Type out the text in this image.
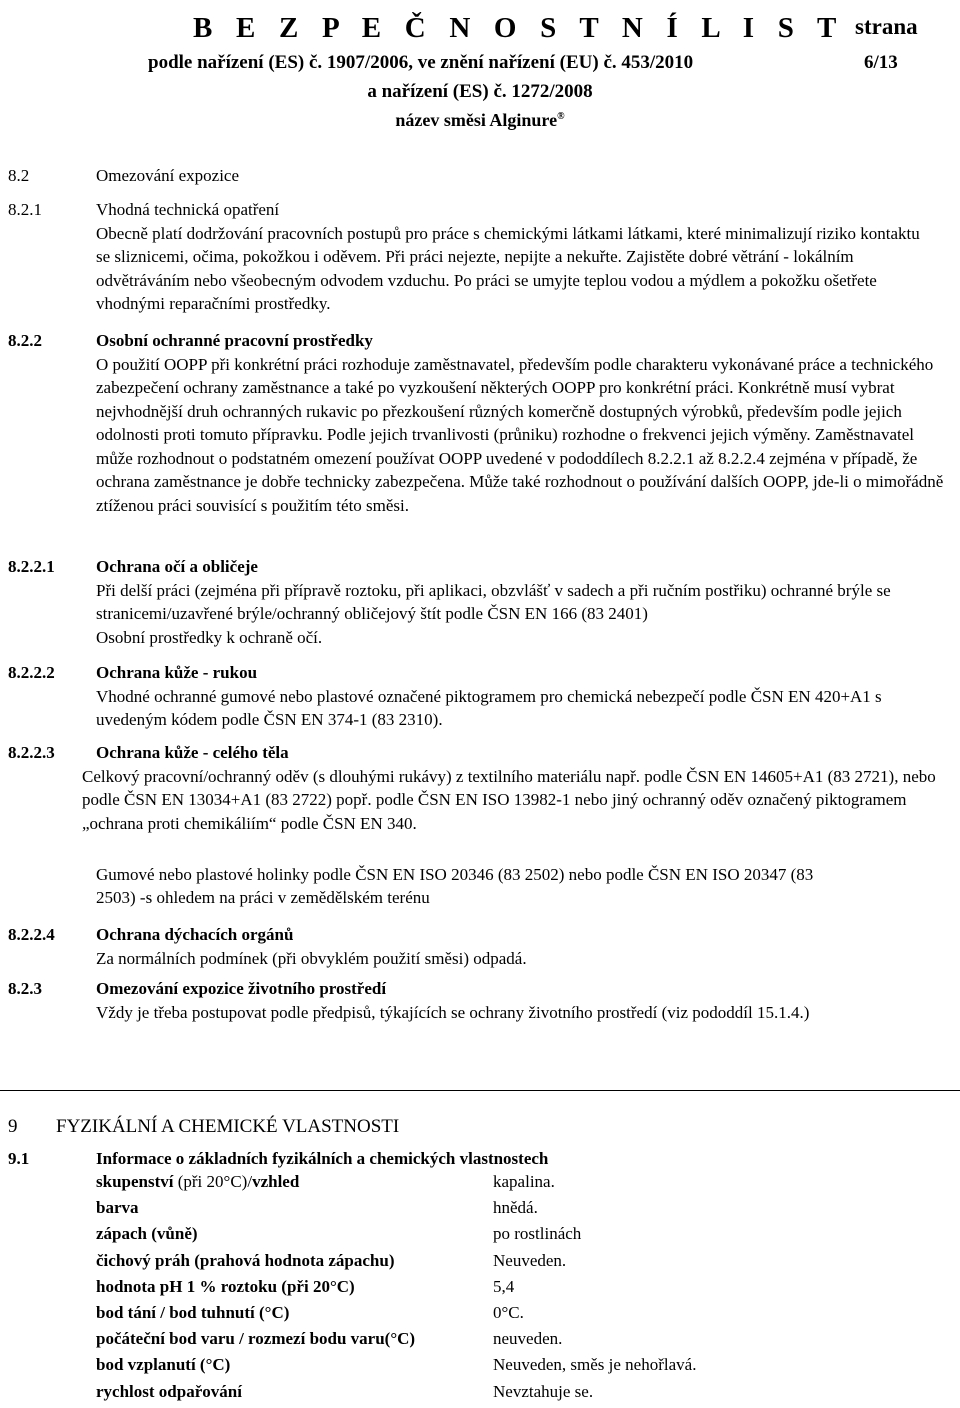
B E Z P E Č N O S T N Í L I S T strana
podle nařízení (ES) č. 1907/2006, ve znění nařízení (EU) č. 453/2010	6/13
a nařízení (ES) č. 1272/2008
název směsi Alginure®
8.2	Omezování expozice
8.2.1	Vhodná technická opatření
Obecně platí dodržování pracovních postupů pro práce s chemickými látkami látkami, které minimalizují riziko kontaktu se sliznicemi, očima, pokožkou i oděvem. Při práci nejezte, nepijte a nekuřte. Zajistěte dobré větrání - lokálním odvětráváním nebo všeobecným odvodem vzduchu. Po práci se umyjte teplou vodou a mýdlem a pokožku ošetřete vhodnými reparačními prostředky.
8.2.2	Osobní ochranné pracovní prostředky
O použití OOPP při konkrétní práci rozhoduje zaměstnavatel, především podle charakteru vykonávané práce a technického zabezpečení ochrany zaměstnance a také po vyzkoušení některých OOPP pro konkrétní práci. Konkrétně musí vybrat nejvhodnější druh ochranných rukavic po přezkoušení různých komerčně dostupných výrobků, především podle jejich odolnosti proti tomuto přípravku. Podle jejich trvanlivosti (průniku) rozhodne o frekvenci jejich výměny. Zaměstnavatel může rozhodnout o podstatném omezení používat OOPP uvedené v pododdílech 8.2.2.1 až 8.2.2.4 zejména v případě, že ochrana zaměstnance je dobře technicky zabezpečena. Může také rozhodnout o používání dalších OOPP, jde-li o mimořádně ztíženou práci souvisící s použitím této směsi.
8.2.2.1 Ochrana očí a obličeje

Při delší práci (zejména při přípravě roztoku, při aplikaci, obzvlášť v sadech a při ručním postřiku) ochranné brýle se stranicemi/uzavřené brýle/ochranný obličejový štít podle ČSN EN 166 (83 2401)

Osobní prostředky k ochraně očí.

8.2.2.2 Ochrana kůže - rukou
Vhodné ochranné gumové nebo plastové označené piktogramem pro chemická nebezpečí podle ČSN EN 420+A1 s uvedeným kódem podle ČSN EN 374-1 (83 2310).
8.2.2.3 Ochrana kůže - celého těla

Celkový pracovní/ochranný oděv (s dlouhými rukávy) z textilního materiálu např. podle ČSN EN 14605+A1 (83 2721), nebo podle ČSN EN 13034+A1 (83 2722) popř. podle ČSN EN ISO 13982-1 nebo jiný ochranný oděv označený piktogramem „ochrana proti chemikáliím“ podle ČSN EN 340.

Gumové nebo plastové holinky podle ČSN EN ISO 20346 (83 2502) nebo podle ČSN EN ISO 20347 (83 2503) -s ohledem na práci v zemědělském terénu

8.2.2.4 Ochrana dýchacích orgánů
Za normálních podmínek (při obvyklém použití směsi) odpadá.
8.2.3	Omezování expozice životního prostředí
Vždy je třeba postupovat podle předpisů, týkajících se ochrany životního prostředí (viz pododdíl 15.1.4.)
9 FYZIKÁLNÍ A CHEMICKÉ VLASTNOSTI
9.1	Informace o základních fyzikálních a chemických vlastnostech
skupenství (při 20°C)/vzhled	kapalina.
barva	hnědá.
zápach (vůně)	po rostlinách
čichový práh (prahová hodnota zápachu)	Neuveden.
hodnota pH 1 % roztoku (při 20°C)	5,4
bod tání / bod tuhnutí (°C)	0°C.
počáteční bod varu / rozmezí bodu varu(°C)	neuveden.
bod vzplanutí (°C)	Neuveden, směs je nehořlavá.
rychlost odpařování	Nevztahuje se.
